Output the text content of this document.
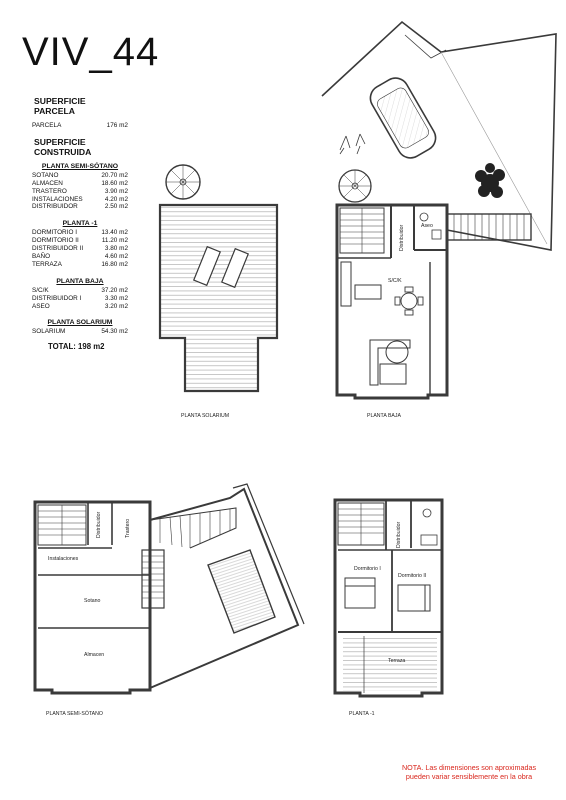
VIV_44
SUPERFICIE PARCELA
PARCELA	176 m2
SUPERFICIE CONSTRUIDA
PLANTA SEMI-SÓTANO
SOTANO	20.70 m2
ALMACEN	18.60 m2
TRASTERO	3.90 m2
INSTALACIONES	4.20 m2
DISTRIBUIDOR	2.50 m2
PLANTA -1
DORMITORIO I	13.40 m2
DORMITORIO II	11.20 m2
DISTRIBUIDOR II	3.80 m2
BAÑO	4.60 m2
TERRAZA	16.80 m2
PLANTA BAJA
S/C/K	37.20 m2
DISTRIBUIDOR I	3.30 m2
ASEO	3.20 m2
PLANTA SOLARIUM
SOLARIUM	54.30 m2
TOTAL: 198 m2
Aseo
Distribuidor
S/C/K
Instalaciones
Trastero
Distribuidor
Sotano
Almacen
Distribuidor
Dormitorio I
Dormitorio II
Terraza
PLANTA SOLARIUM	PLANTA BAJA
PLANTA SEMI-SÓTANO	PLANTA -1
NOTA. Las dimensiones son aproximadas
pueden variar sensiblemente en la obra
